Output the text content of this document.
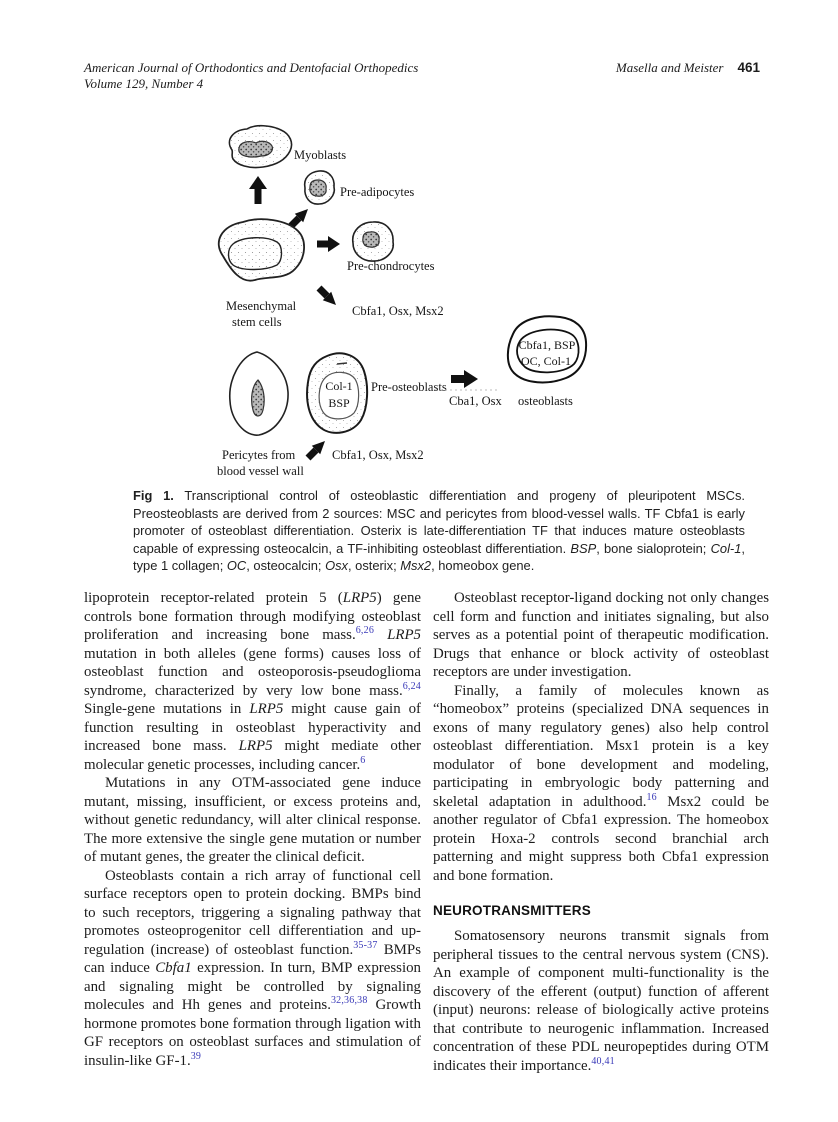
American Journal of Orthodontics and Dentofacial Orthopedics
Volume 129, Number 4
Masella and Meister 461
Myoblasts
Pre-adipocytes
Mesenchymal
stem cells
Pre-chondrocytes
Cbfa1, Osx, Msx2
Pericytes from
blood vessel wall
Cbfa1, Osx, Msx2
Col-1
BSP
Pre-osteoblasts
Cba1, Osx
Cbfa1, BSP
OC, Col-1
osteoblasts
Fig 1. Transcriptional control of osteoblastic differentiation and progeny of pleuripotent MSCs. Preosteoblasts are derived from 2 sources: MSC and pericytes from blood-vessel walls. TF Cbfa1 is early promoter of osteoblast differentiation. Osterix is late-differentiation TF that induces mature osteoblasts capable of expressing osteocalcin, a TF-inhibiting osteoblast differentiation. BSP, bone sialoprotein; Col-1, type 1 collagen; OC, osteocalcin; Osx, osterix; Msx2, homeobox gene.

lipoprotein receptor-related protein 5 (LRP5) gene controls bone formation through modifying osteoblast proliferation and increasing bone mass.$^{6,26}$ LRP5 mutation in both alleles (gene forms) causes loss of osteoblast function and osteoporosis-pseudoglioma syndrome, characterized by very low bone mass.$^{6,24}$ Single-gene mutations in LRP5 might cause gain of function resulting in osteoblast hyperactivity and increased bone mass. LRP5 might mediate other molecular genetic processes, including cancer.$^6$

Mutations in any OTM-associated gene induce mutant, missing, insufficient, or excess proteins and, without genetic redundancy, will alter clinical response. The more extensive the single gene mutation or number of mutant genes, the greater the clinical deficit.

Osteoblasts contain a rich array of functional cell surface receptors open to protein docking. BMPs bind to such receptors, triggering a signaling pathway that promotes osteoprogenitor cell differentiation and up-regulation (increase) of osteoblast function.$^{35-37}$ BMPs can induce Cbfa1 expression. In turn, BMP expression and signaling might be controlled by signaling molecules and Hh genes and proteins.$^{32,36,38}$ Growth hormone promotes bone formation through ligation with GF receptors on osteoblast surfaces and stimulation of insulin-like GF-1.39

Osteoblast receptor-ligand docking not only changes cell form and function and initiates signaling, but also serves as a potential point of therapeutic modification. Drugs that enhance or block activity of osteoblast receptors are under investigation.

Finally, a family of molecules known as “homeobox” proteins (specialized DNA sequences in exons of many regulatory genes) also help control osteoblast differentiation. Msx1 protein is a key modulator of bone development and modeling, participating in embryologic body patterning and skeletal adaptation in adulthood.$^{16}$ Msx2 could be another regulator of Cbfa1 expression. The homeobox protein Hoxa-2 controls second branchial arch patterning and might suppress both Cbfa1 expression and bone formation.

NEUROTRANSMITTERS

Somatosensory neurons transmit signals from peripheral tissues to the central nervous system (CNS). An example of component multi-functionality is the discovery of the efferent (output) function of afferent (input) neurons: release of biologically active proteins that contribute to neurogenic inflammation. Increased concentration of these PDL neuropeptides during OTM indicates their importance.$^{40,41}$
